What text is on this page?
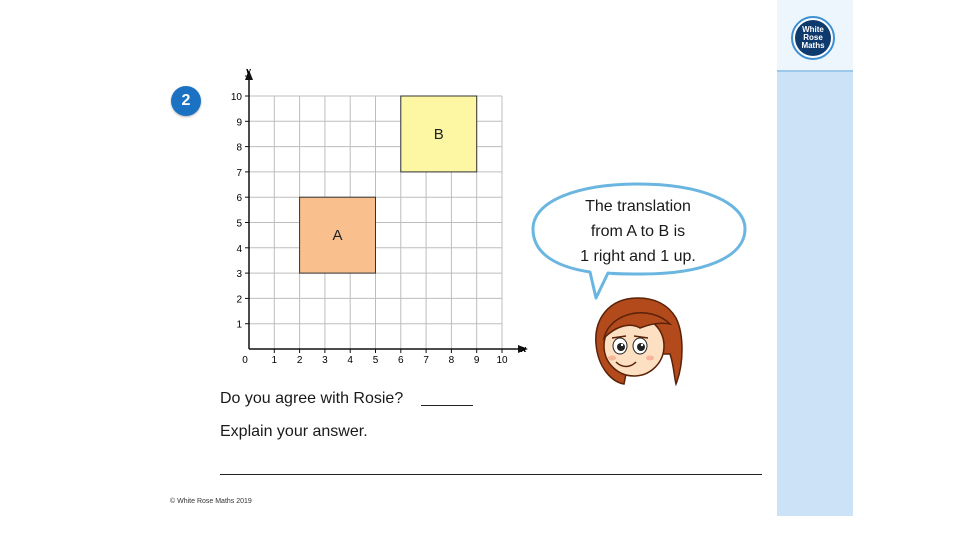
White
Rose
Maths
2
A
B
1 2 3 4 5 6 7 8 9 10
1
2
3
4
5
6
7
8
9
10
x
y
0
The translation
from A to B is
1 right and 1 up.
Do you agree with Rosie?
Explain your answer.
© White Rose Maths 2019
